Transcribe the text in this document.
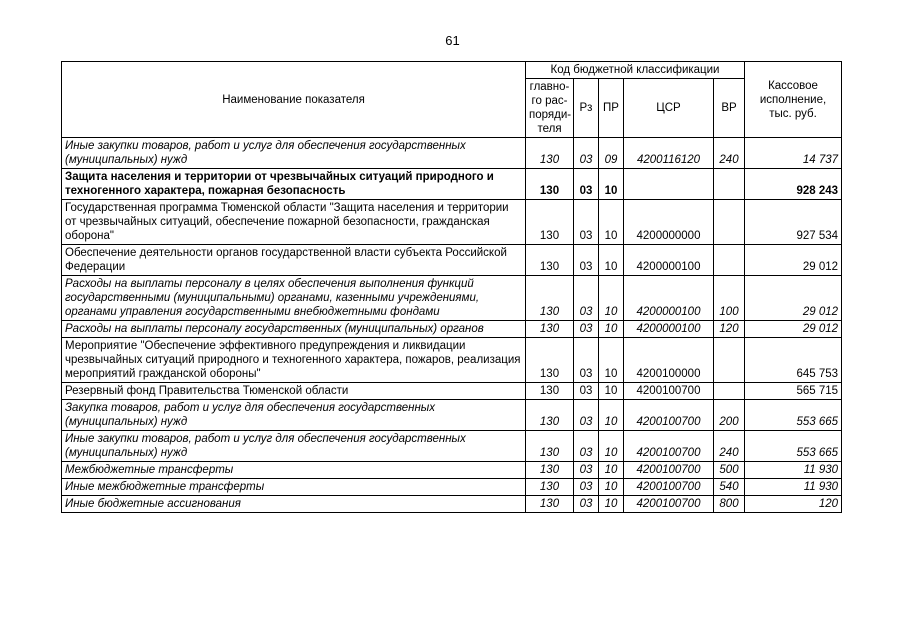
61
Наименование показателя	Код бюджетной классификации					Кассовое
исполнение,
тыс. руб.
	главно-
го рас-
поряди-
теля	Рз	ПР	ЦСР	ВР	
Иные закупки товаров, работ и услуг для обеспечения государственных (муниципальных) нужд	130	03	09	4200116120	240	14 737
Защита населения и территории от чрезвычайных ситуаций природного и техногенного характера, пожарная безопасность	130	03	10			928 243
Государственная программа Тюменской области "Защита населения и территории от чрезвычайных ситуаций, обеспечение пожарной безопасности, гражданская оборона"	130	03	10	4200000000		927 534
Обеспечение деятельности органов государственной власти субъекта Российской Федерации	130	03	10	4200000100		29 012
Расходы на выплаты персоналу в целях обеспечения выполнения функций государственными (муниципальными) органами, казенными учреждениями, органами управления государственными внебюджетными фондами	130	03	10	4200000100	100	29 012
Расходы на выплаты персоналу государственных (муниципальных) органов	130	03	10	4200000100	120	29 012
Мероприятие "Обеспечение эффективного предупреждения и ликвидации чрезвычайных ситуаций природного и техногенного характера, пожаров, реализация мероприятий гражданской обороны"	130	03	10	4200100000		645 753
Резервный фонд Правительства Тюменской области	130	03	10	4200100700		565 715
Закупка товаров, работ и услуг для обеспечения государственных (муниципальных) нужд	130	03	10	4200100700	200	553 665
Иные закупки товаров, работ и услуг для обеспечения государственных (муниципальных) нужд	130	03	10	4200100700	240	553 665
Межбюджетные трансферты	130	03	10	4200100700	500	11 930
Иные межбюджетные трансферты	130	03	10	4200100700	540	11 930
Иные бюджетные ассигнования	130	03	10	4200100700	800	120
